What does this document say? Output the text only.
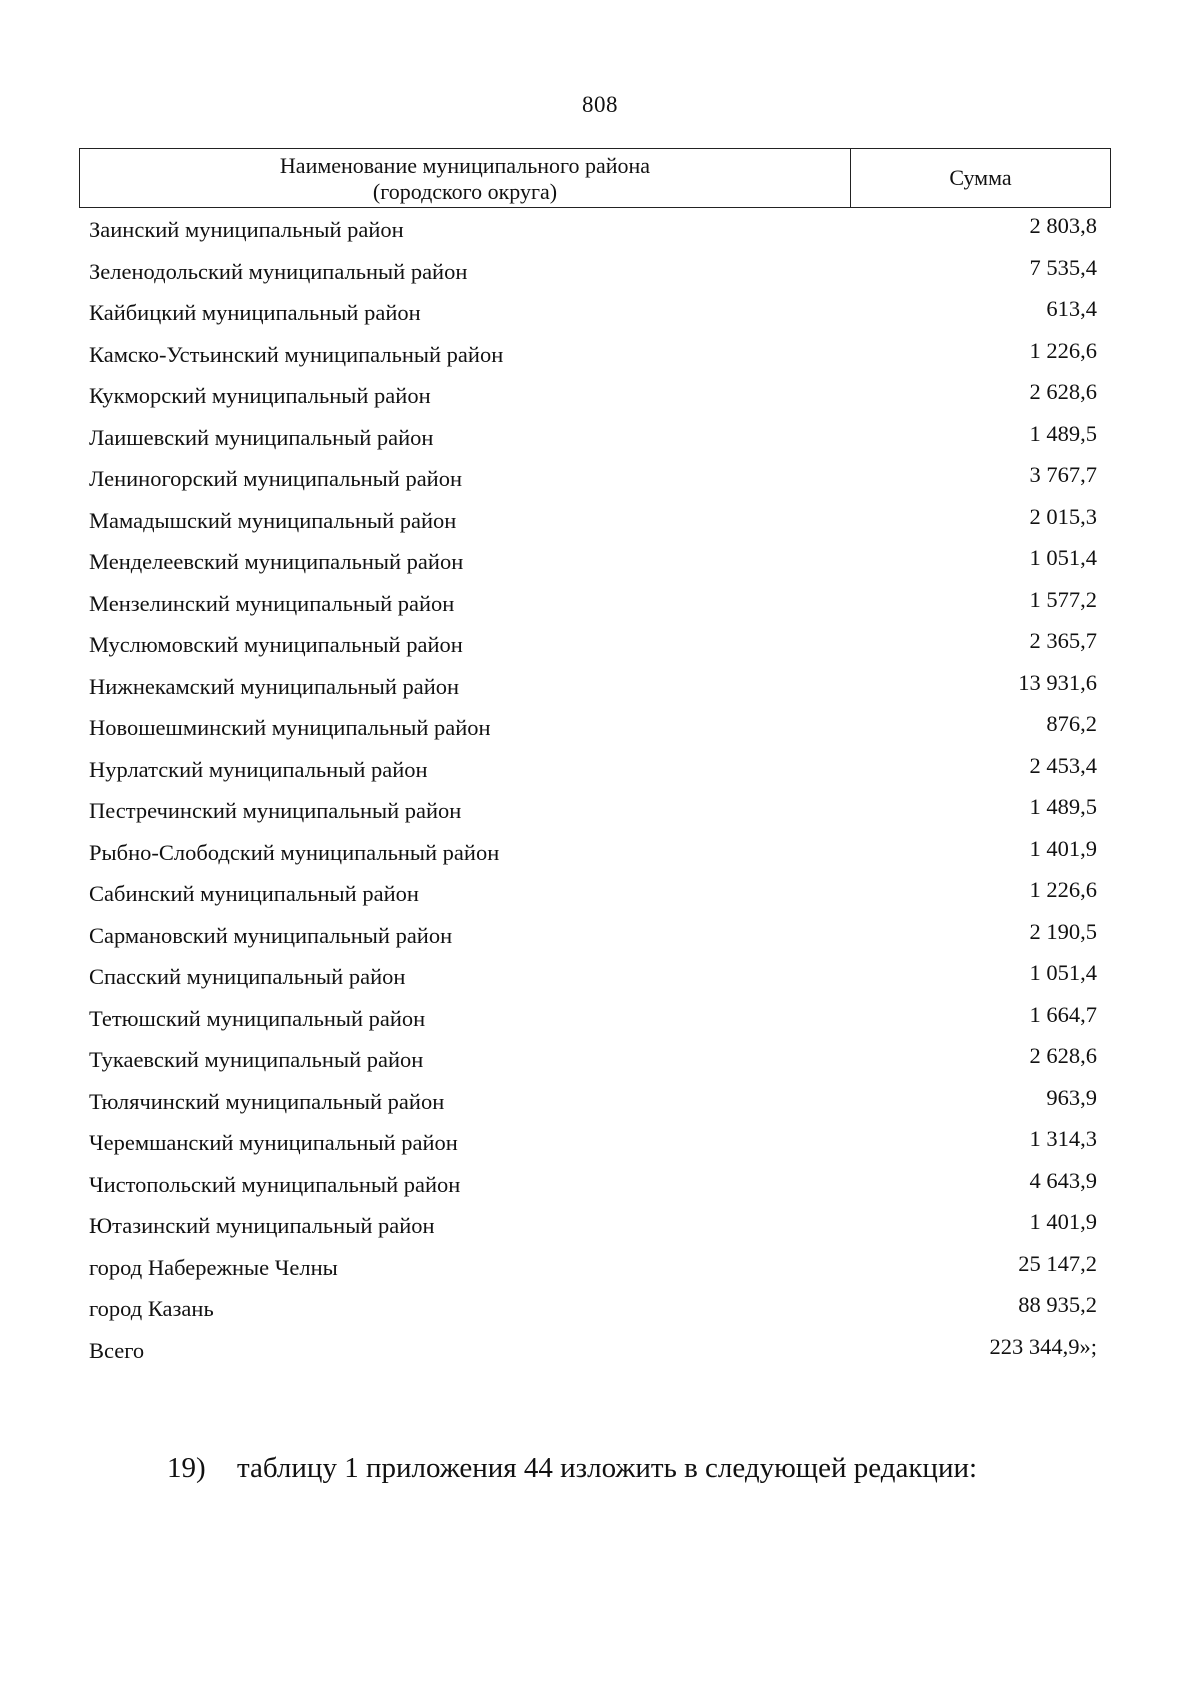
808
Наименование муниципального района
(городского округа)
Сумма
Заинский муниципальный район	2 803,8
Зеленодольский муниципальный район	7 535,4
Кайбицкий муниципальный район	613,4
Камско-Устьинский муниципальный район	1 226,6
Кукморский муниципальный район	2 628,6
Лаишевский муниципальный район	1 489,5
Лениногорский муниципальный район	3 767,7
Мамадышский муниципальный район	2 015,3
Менделеевский муниципальный район	1 051,4
Мензелинский муниципальный район	1 577,2
Муслюмовский муниципальный район	2 365,7
Нижнекамский муниципальный район	13 931,6
Новошешминский муниципальный район	876,2
Нурлатский муниципальный район	2 453,4
Пестречинский муниципальный район	1 489,5
Рыбно-Слободский муниципальный район	1 401,9
Сабинский муниципальный район	1 226,6
Сармановский муниципальный район	2 190,5
Спасский муниципальный район	1 051,4
Тетюшский муниципальный район	1 664,7
Тукаевский муниципальный район	2 628,6
Тюлячинский муниципальный район	963,9
Черемшанский муниципальный район	1 314,3
Чистопольский муниципальный район	4 643,9
Ютазинский муниципальный район	1 401,9
город Набережные Челны	25 147,2
город Казань	88 935,2
Всего	223 344,9»;
19) таблицу 1 приложения 44 изложить в следующей редакции:
